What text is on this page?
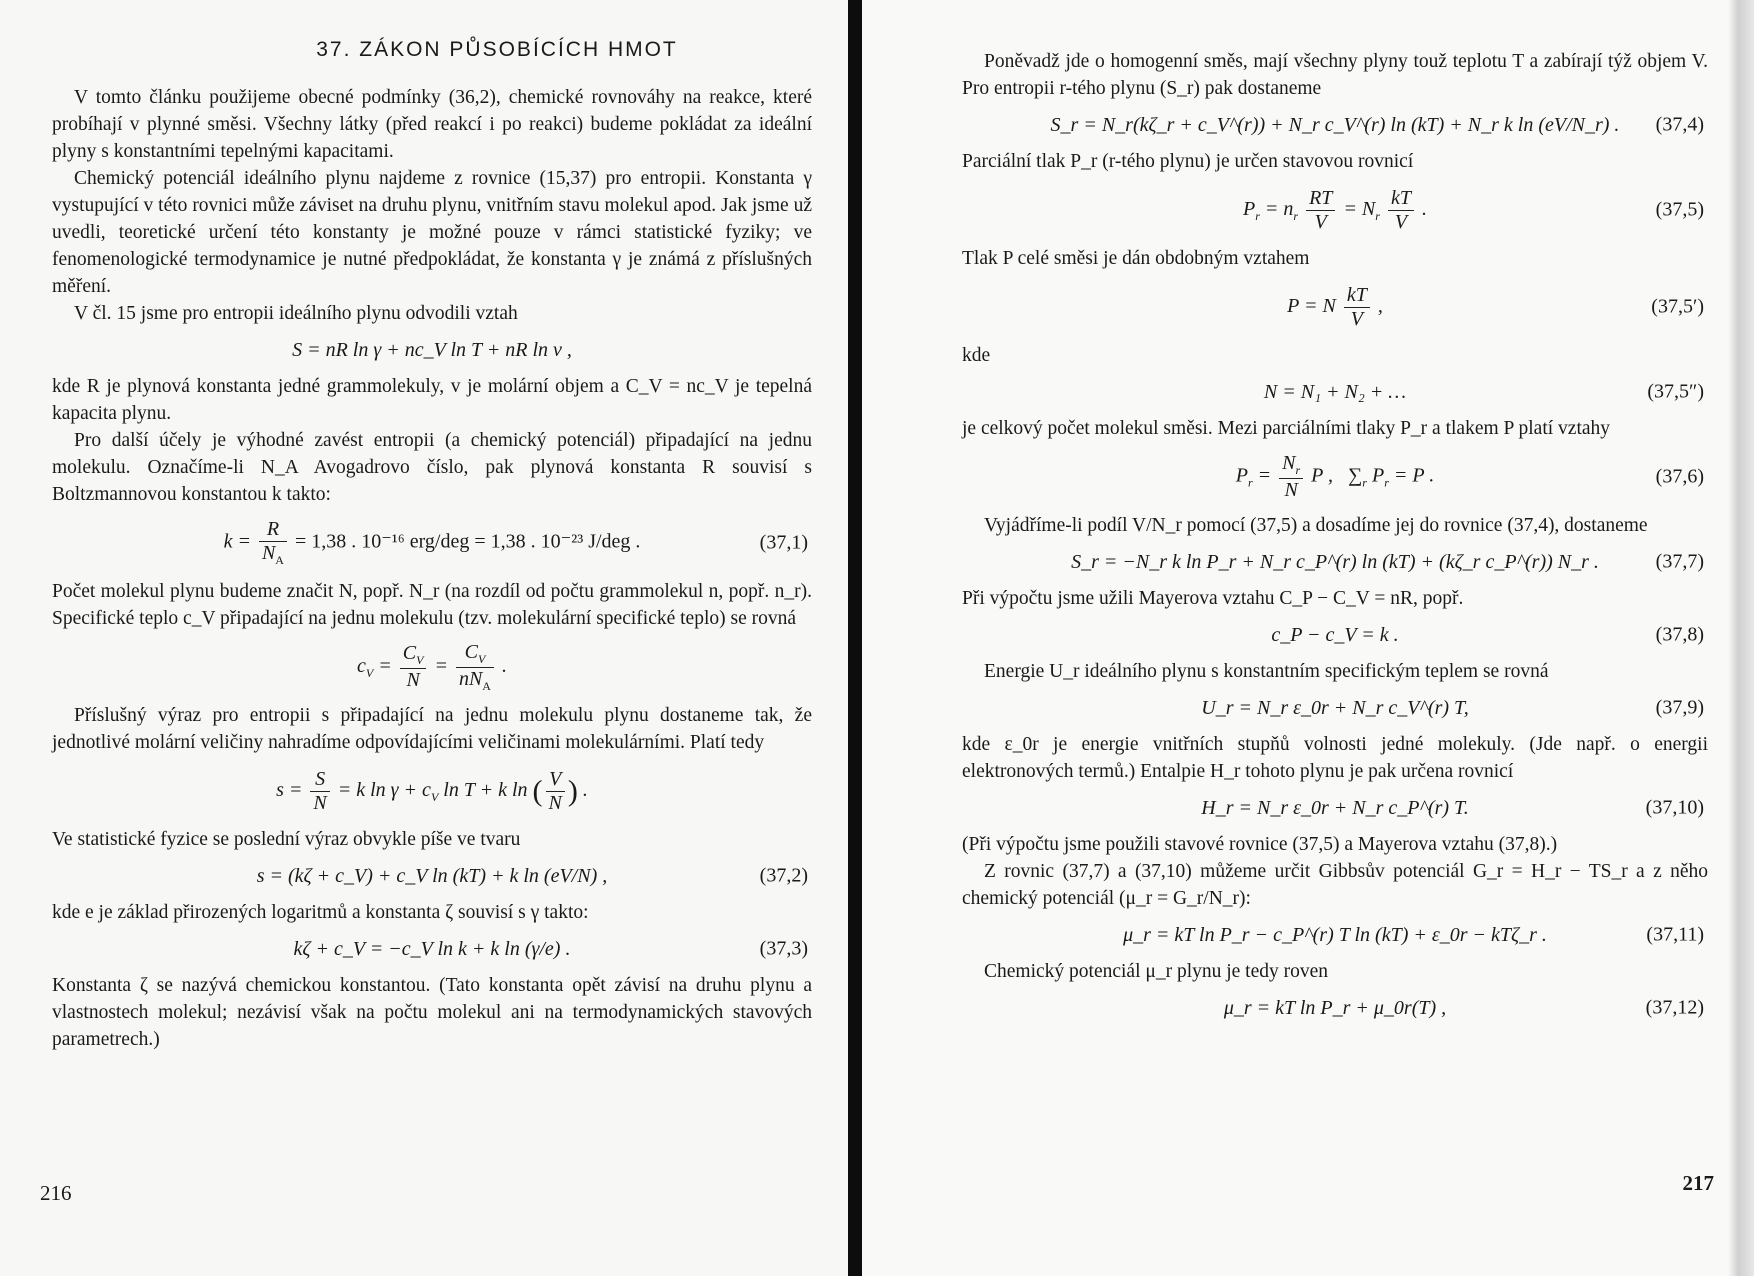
37. ZÁKON PŮSOBÍCÍCH HMOT

V tomto článku použijeme obecné podmínky (36,2), chemické rovnováhy na reakce, které probíhají v plynné směsi. Všechny látky (před reakcí i po reakci) budeme pokládat za ideální plyny s konstantními tepelnými kapacitami.

Chemický potenciál ideálního plynu najdeme z rovnice (15,37) pro entropii. Konstanta γ vystupující v této rovnici může záviset na druhu plynu, vnitřním stavu molekul apod. Jak jsme už uvedli, teoretické určení této konstanty je možné pouze v rámci statistické fyziky; ve fenomenologické termodynamice je nutné předpokládat, že konstanta γ je známá z příslušných měření.

V čl. 15 jsme pro entropii ideálního plynu odvodili vztah

S = nR ln γ + nc_V ln T + nR ln v ,

kde R je plynová konstanta jedné grammolekuly, v je molární objem a C_V = nc_V je tepelná kapacita plynu.

Pro další účely je výhodné zavést entropii (a chemický potenciál) připadající na jednu molekulu. Označíme-li N_A Avogadrovo číslo, pak plynová konstanta R souvisí s Boltzmannovou konstantou k takto:

$k = \frac{R}{N_A} = 1,38$ . 10⁻¹⁶ erg/deg = 1,38 . 10⁻²³ J/deg .	(37,1)

Počet molekul plynu budeme značit N, popř. N_r (na rozdíl od počtu grammolekul n, popř. n_r). Specifické teplo c_V připadající na jednu molekulu (tzv. molekulární specifické teplo) se rovná

$c_V = \frac{C_V}{N} = \frac{C_V}{nN_A}$ .

Příslušný výraz pro entropii s připadající na jednu molekulu plynu dostaneme tak, že jednotlivé molární veličiny nahradíme odpovídajícími veličinami molekulárními. Platí tedy

$s = \frac{S}{N} = k$ $\ln \gamma + c_V$ ln T + k ln ( $\frac{V}{N}$ ) .

Ve statistické fyzice se poslední výraz obvykle píše ve tvaru

s = (kζ + c_V) + c_V ln (kT) + k ln (eV/N) ,	(37,2)

kde e je základ přirozených logaritmů a konstanta ζ souvisí s γ takto:

kζ + c_V = −c_V ln k + k ln (γ/e) .	(37,3)

Konstanta ζ se nazývá chemickou konstantou. (Tato konstanta opět závisí na druhu plynu a vlastnostech molekul; nezávisí však na počtu molekul ani na termodynamických stavových parametrech.)

216

Poněvadž jde o homogenní směs, mají všechny plyny touž teplotu T a zabírají týž objem V. Pro entropii r-tého plynu (S_r) pak dostaneme

S_r = N_r(kζ_r + c_V^(r)) + N_r c_V^(r) ln (kT) + N_r k ln (eV/N_r) . (37,4)

Parciální tlak P_r (r-tého plynu) je určen stavovou rovnicí

$P_r = n_r \frac{RT}{V} = N_r \frac{kT}{V}$ .	(37,5)

Tlak P celé směsi je dán obdobným vztahem

P = N $\frac{kT}{V}$ ,	(37,5′)

kde

N = N₁ + N₂ + …	(37,5″)

je celkový počet molekul směsi. Mezi parciálními tlaky P_r a tlakem P platí vztahy

$P_r = \frac{N_r}{N}$ P ,   $\sum_r$ $P_r = P$ .	(37,6)

Vyjádříme-li podíl V/N_r pomocí (37,5) a dosadíme jej do rovnice (37,4), dostaneme

S_r = −N_r k ln P_r + N_r c_P^(r) ln (kT) + (kζ_r c_P^(r)) N_r .	(37,7)

Při výpočtu jsme užili Mayerova vztahu C_P − C_V = nR, popř.

c_P − c_V = k .	(37,8)

Energie U_r ideálního plynu s konstantním specifickým teplem se rovná

U_r = N_r ε_0r + N_r c_V^(r) T,	(37,9)

kde ε_0r je energie vnitřních stupňů volnosti jedné molekuly. (Jde např. o energii elektronových termů.) Entalpie H_r tohoto plynu je pak určena rovnicí

H_r = N_r ε_0r + N_r c_P^(r) T.	(37,10)

(Při výpočtu jsme použili stavové rovnice (37,5) a Mayerova vztahu (37,8).)

Z rovnic (37,7) a (37,10) můžeme určit Gibbsův potenciál G_r = H_r − TS_r a z něho chemický potenciál (μ_r = G_r/N_r):

μ_r = kT ln P_r − c_P^(r) T ln (kT) + ε_0r − kTζ_r .	(37,11)

Chemický potenciál μ_r plynu je tedy roven

μ_r = kT ln P_r + μ_0r(T) ,	(37,12)
217
